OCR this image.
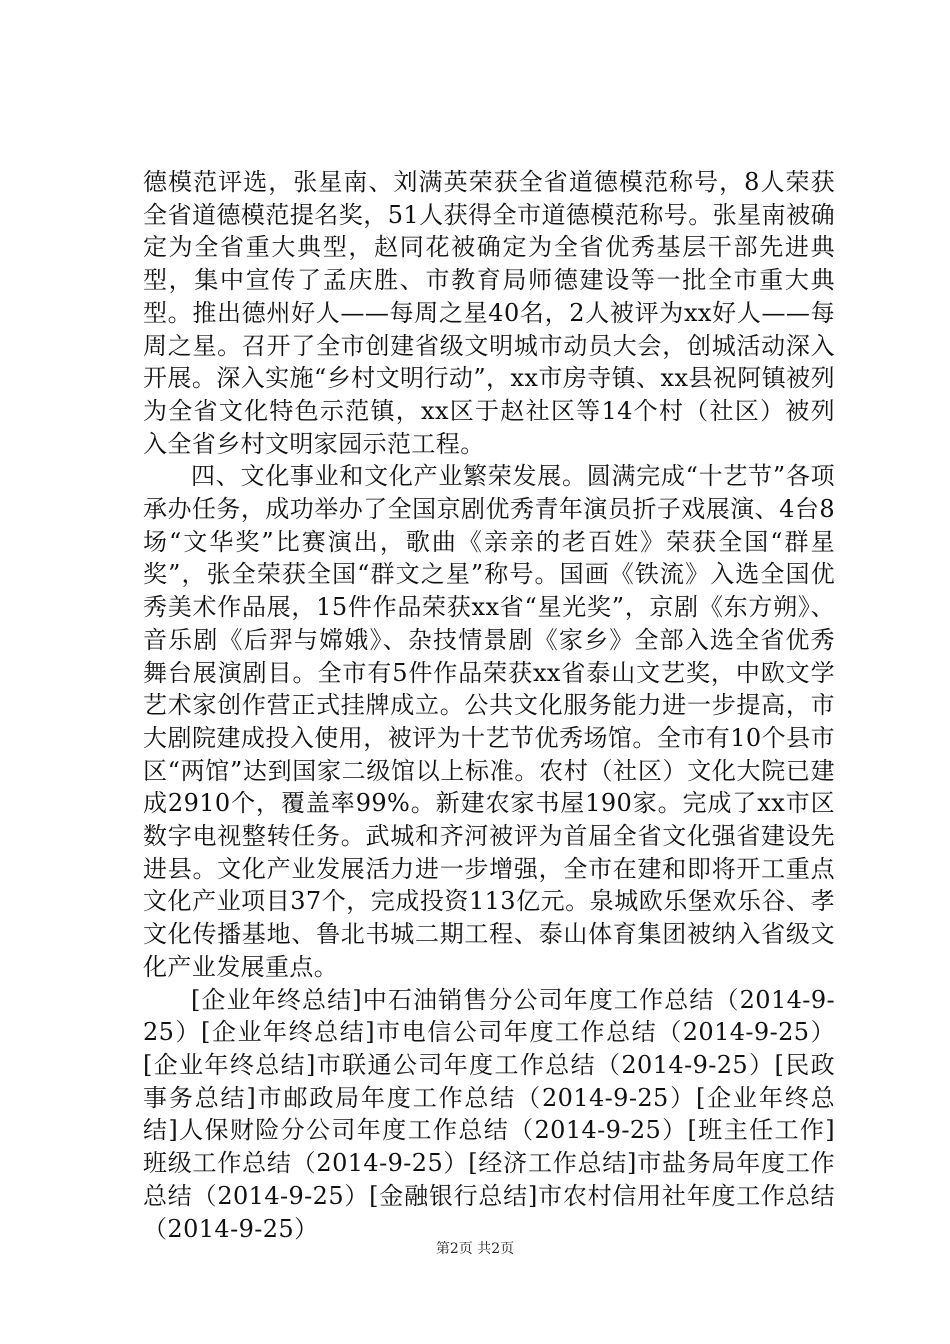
德模范评选，张星南、刘满英荣获全省道德模范称号，8人荣获全省道德模范提名奖，51人获得全市道德模范称号。张星南被确定为全省重大典型，赵同花被确定为全省优秀基层干部先进典型，集中宣传了孟庆胜、市教育局师德建设等一批全市重大典型。推出德州好人——每周之星40名，2人被评为xx好人——每周之星。召开了全市创建省级文明城市动员大会，创城活动深入开展。深入实施“乡村文明行动”，xx市房寺镇、xx县祝阿镇被列为全省文化特色示范镇，xx区于赵社区等14个村（社区）被列入全省乡村文明家园示范工程。

四、文化事业和文化产业繁荣发展。圆满完成“十艺节”各项承办任务，成功举办了全国京剧优秀青年演员折子戏展演、4台8场“文华奖”比赛演出，歌曲《亲亲的老百姓》荣获全国“群星奖”，张全荣获全国“群文之星”称号。国画《铁流》入选全国优秀美术作品展，15件作品荣获xx省“星光奖”，京剧《东方朔》、音乐剧《后羿与嫦娥》、杂技情景剧《家乡》全部入选全省优秀舞台展演剧目。全市有5件作品荣获xx省泰山文艺奖，中欧文学艺术家创作营正式挂牌成立。公共文化服务能力进一步提高，市大剧院建成投入使用，被评为十艺节优秀场馆。全市有10个县市区“两馆”达到国家二级馆以上标准。农村（社区）文化大院已建成2910个，覆盖率99%。新建农家书屋190家。完成了xx市区数字电视整转任务。武城和齐河被评为首届全省文化强省建设先进县。文化产业发展活力进一步增强，全市在建和即将开工重点文化产业项目37个，完成投资113亿元。泉城欧乐堡欢乐谷、孝文化传播基地、鲁北书城二期工程、泰山体育集团被纳入省级文化产业发展重点。

[企业年终总结]中石油销售分公司年度工作总结（2014-9-25）[企业年终总结]市电信公司年度工作总结（2014-9-25）[企业年终总结]市联通公司年度工作总结（2014-9-25）[民政事务总结]市邮政局年度工作总结（2014-9-25）[企业年终总结]人保财险分公司年度工作总结（2014-9-25）[班主任工作]班级工作总结（2014-9-25）[经济工作总结]市盐务局年度工作总结（2014-9-25）[金融银行总结]市农村信用社年度工作总结（2014-9-25）

第2页 共2页
